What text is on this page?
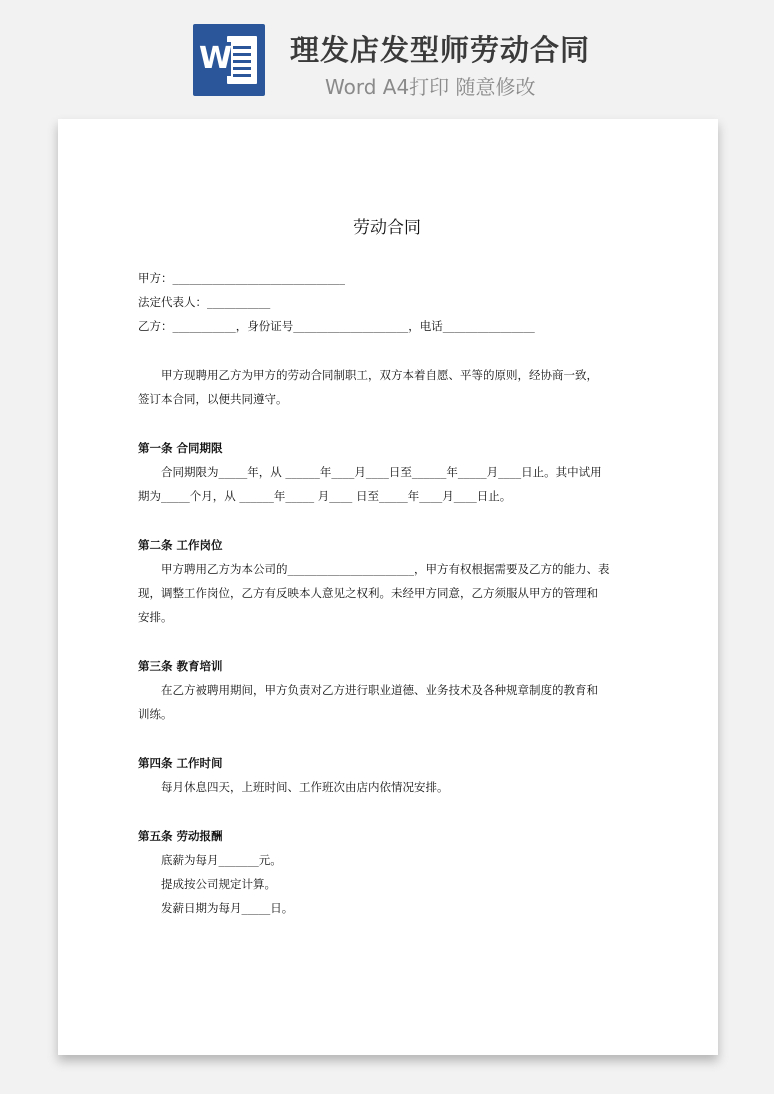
W 理发店发型师劳动合同
Word A4打印 随意修改

劳动合同
甲方：______________________________
法定代表人：___________
乙方：___________，身份证号____________________，电话________________
甲方现聘用乙方为甲方的劳动合同制职工，双方本着自愿、平等的原则，经协商一致，
签订本合同，以便共同遵守。
第一条 合同期限
合同期限为_____年，从 ______年____月____日至______年_____月____日止。其中试用
期为_____个月，从 ______年_____ 月____ 日至_____年____月____日止。
第二条 工作岗位
甲方聘用乙方为本公司的______________________，甲方有权根据需要及乙方的能力、表
现，调整工作岗位，乙方有反映本人意见之权利。未经甲方同意，乙方须服从甲方的管理和
安排。
第三条 教育培训
在乙方被聘用期间，甲方负责对乙方进行职业道德、业务技术及各种规章制度的教育和
训练。
第四条 工作时间
每月休息四天，上班时间、工作班次由店内依情况安排。
第五条 劳动报酬
底薪为每月_______元。
提成按公司规定计算。
发薪日期为每月_____日。
